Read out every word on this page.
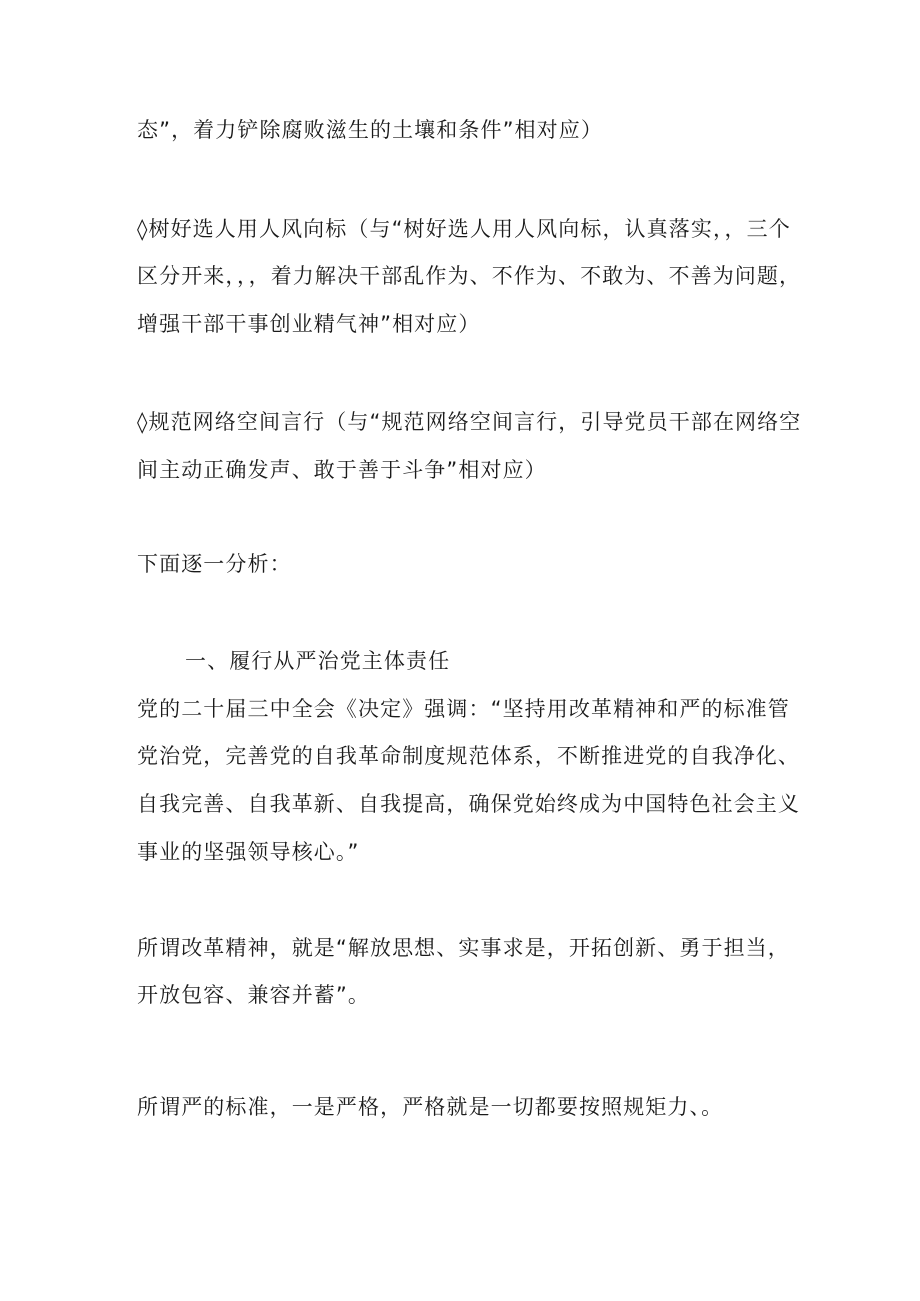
态”，着力铲除腐败滋生的土壤和条件”相对应）
◊树好选人用人风向标（与“树好选人用人风向标，认真落实，，三个
区分开来，，，着力解决干部乱作为、不作为、不敢为、不善为问题，
增强干部干事创业精气神”相对应）
◊规范网络空间言行（与“规范网络空间言行，引导党员干部在网络空
间主动正确发声、敢于善于斗争”相对应）
下面逐一分析：
一、履行从严治党主体责任
党的二十届三中全会《决定》强调：“坚持用改革精神和严的标准管
党治党，完善党的自我革命制度规范体系，不断推进党的自我净化、
自我完善、自我革新、自我提高，确保党始终成为中国特色社会主义
事业的坚强领导核心。”
所谓改革精神，就是“解放思想、实事求是，开拓创新、勇于担当，
开放包容、兼容并蓄”。
所谓严的标准，一是严格，严格就是一切都要按照规矩力、。
